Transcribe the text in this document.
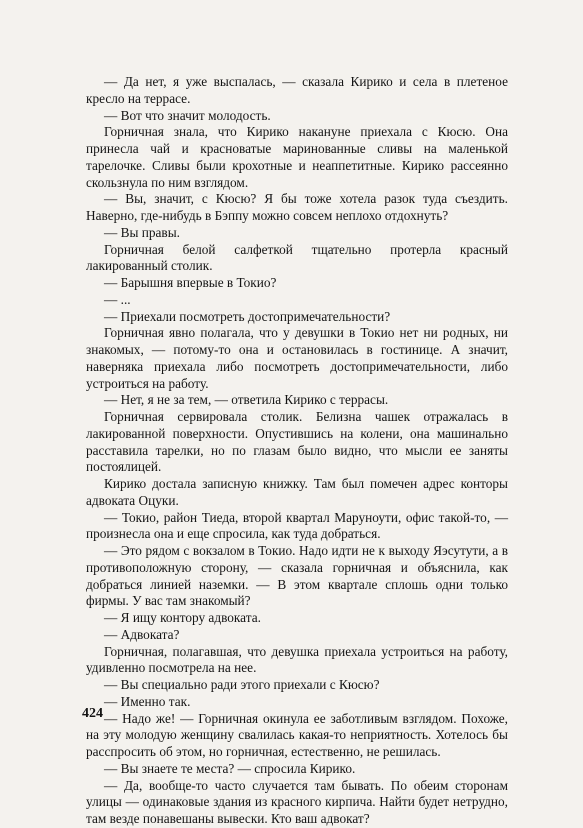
— Да нет, я уже выспалась, — сказала Кирико и села в плетеное кресло на террасе.

— Вот что значит молодость.

Горничная знала, что Кирико накануне приехала с Кюсю. Она принесла чай и красноватые маринованные сливы на маленькой тарелочке. Сливы были крохотные и неаппетитные. Кирико рассеянно скользнула по ним взглядом.

— Вы, значит, с Кюсю? Я бы тоже хотела разок туда съездить. Наверно, где-нибудь в Бэппу можно совсем неплохо отдохнуть?

— Вы правы.

Горничная белой салфеткой тщательно протерла красный лакированный столик.

— Барышня впервые в Токио?

— ...

— Приехали посмотреть достопримечательности?

Горничная явно полагала, что у девушки в Токио нет ни родных, ни знакомых, — потому-то она и остановилась в гостинице. А значит, наверняка приехала либо посмотреть достопримечательности, либо устроиться на работу.

— Нет, я не за тем, — ответила Кирико с террасы.

Горничная сервировала столик. Белизна чашек отражалась в лакированной поверхности. Опустившись на колени, она машинально расставила тарелки, но по глазам было видно, что мысли ее заняты постоялицей.

Кирико достала записную книжку. Там был помечен адрес конторы адвоката Оцуки.

— Токио, район Тиеда, второй квартал Маруноути, офис такой-то, — произнесла она и еще спросила, как туда добраться.

— Это рядом с вокзалом в Токио. Надо идти не к выходу Яэсутути, а в противоположную сторону, — сказала горничная и объяснила, как добраться линией наземки. — В этом квартале сплошь одни только фирмы. У вас там знакомый?

— Я ищу контору адвоката.

— Адвоката?

Горничная, полагавшая, что девушка приехала устроиться на работу, удивленно посмотрела на нее.

— Вы специально ради этого приехали с Кюсю?

— Именно так.

— Надо же! — Горничная окинула ее заботливым взглядом. Похоже, на эту молодую женщину свалилась какая-то неприятность. Хотелось бы расспросить об этом, но горничная, естественно, не решилась.

— Вы знаете те места? — спросила Кирико.

— Да, вообще-то часто случается там бывать. По обеим сторонам улицы — одинаковые здания из красного кирпича. Найти будет нетрудно, там везде понавешаны вывески. Кто ваш адвокат?

424
